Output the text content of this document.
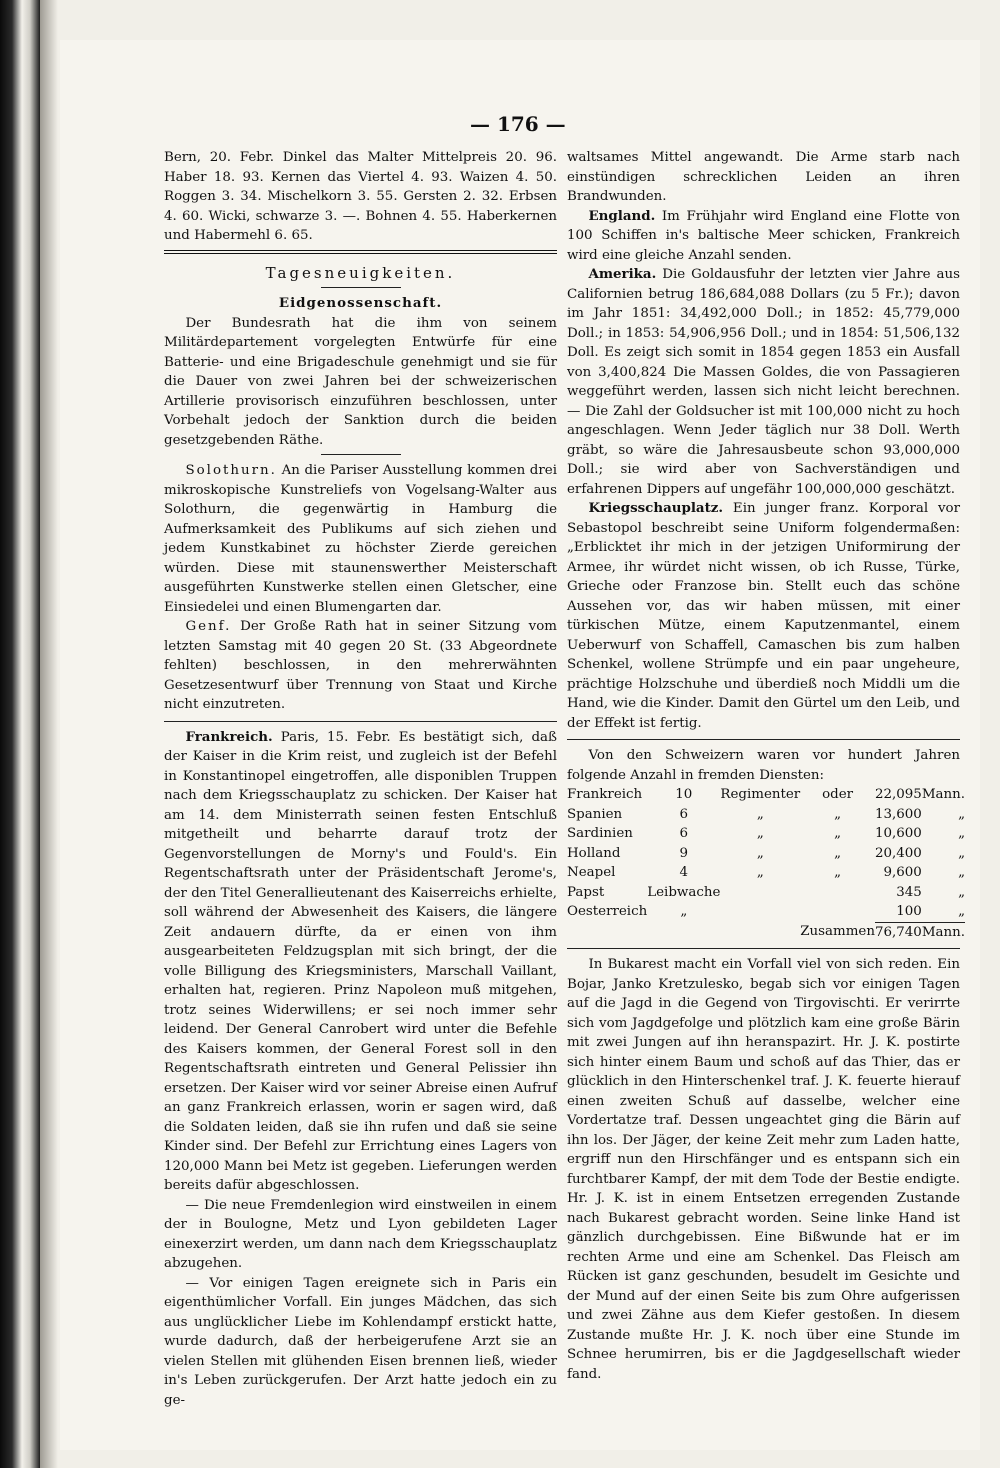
— 176 —

Bern, 20. Febr. Dinkel das Malter Mittelpreis 20. 96. Haber 18. 93. Kernen das Viertel 4. 93. Waizen 4. 50. Roggen 3. 34. Mischelkorn 3. 55. Gersten 2. 32. Erbsen 4. 60. Wicki, schwarze 3. —. Bohnen 4. 55. Haberkernen und Habermehl 6. 65.

Tagesneuigkeiten.

Eidgenossenschaft.

Der Bundesrath hat die ihm von seinem Militärdepartement vorgelegten Entwürfe für eine Batterie- und eine Brigadeschule genehmigt und sie für die Dauer von zwei Jahren bei der schweizerischen Artillerie provisorisch einzuführen beschlossen, unter Vorbehalt jedoch der Sanktion durch die beiden gesetzgebenden Räthe.

Solothurn. An die Pariser Ausstellung kommen drei mikroskopische Kunstreliefs von Vogelsang-Walter aus Solothurn, die gegenwärtig in Hamburg die Aufmerksamkeit des Publikums auf sich ziehen und jedem Kunstkabinet zu höchster Zierde gereichen würden. Diese mit staunenswerther Meisterschaft ausgeführten Kunstwerke stellen einen Gletscher, eine Einsiedelei und einen Blumengarten dar.

Genf. Der Große Rath hat in seiner Sitzung vom letzten Samstag mit 40 gegen 20 St. (33 Abgeordnete fehlten) beschlossen, in den mehrerwähnten Gesetzesentwurf über Trennung von Staat und Kirche nicht einzutreten.

Frankreich. Paris, 15. Febr. Es bestätigt sich, daß der Kaiser in die Krim reist, und zugleich ist der Befehl in Konstantinopel eingetroffen, alle disponiblen Truppen nach dem Kriegsschauplatz zu schicken. Der Kaiser hat am 14. dem Ministerrath seinen festen Entschluß mitgetheilt und beharrte darauf trotz der Gegenvorstellungen de Morny's und Fould's. Ein Regentschaftsrath unter der Präsidentschaft Jerome's, der den Titel Generallieutenant des Kaiserreichs erhielte, soll während der Abwesenheit des Kaisers, die längere Zeit andauern dürfte, da er einen von ihm ausgearbeiteten Feldzugsplan mit sich bringt, der die volle Billigung des Kriegsministers, Marschall Vaillant, erhalten hat, regieren. Prinz Napoleon muß mitgehen, trotz seines Widerwillens; er sei noch immer sehr leidend. Der General Canrobert wird unter die Befehle des Kaisers kommen, der General Forest soll in den Regentschaftsrath eintreten und General Pelissier ihn ersetzen. Der Kaiser wird vor seiner Abreise einen Aufruf an ganz Frankreich erlassen, worin er sagen wird, daß die Soldaten leiden, daß sie ihn rufen und daß sie seine Kinder sind. Der Befehl zur Errichtung eines Lagers von 120,000 Mann bei Metz ist gegeben. Lieferungen werden bereits dafür abgeschlossen.

— Die neue Fremdenlegion wird einstweilen in einem der in Boulogne, Metz und Lyon gebildeten Lager einexerzirt werden, um dann nach dem Kriegsschauplatz abzugehen.

— Vor einigen Tagen ereignete sich in Paris ein eigenthümlicher Vorfall. Ein junges Mädchen, das sich aus unglücklicher Liebe im Kohlendampf erstickt hatte, wurde dadurch, daß der herbeigerufene Arzt sie an vielen Stellen mit glühenden Eisen brennen ließ, wieder in's Leben zurückgerufen. Der Arzt hatte jedoch ein zu ge-

waltsames Mittel angewandt. Die Arme starb nach einstündigen schrecklichen Leiden an ihren Brandwunden.

England. Im Frühjahr wird England eine Flotte von 100 Schiffen in's baltische Meer schicken, Frankreich wird eine gleiche Anzahl senden.

Amerika. Die Goldausfuhr der letzten vier Jahre aus Californien betrug 186,684,088 Dollars (zu 5 Fr.); davon im Jahr 1851: 34,492,000 Doll.; in 1852: 45,779,000 Doll.; in 1853: 54,906,956 Doll.; und in 1854: 51,506,132 Doll. Es zeigt sich somit in 1854 gegen 1853 ein Ausfall von 3,400,824 Die Massen Goldes, die von Passagieren weggeführt werden, lassen sich nicht leicht berechnen. — Die Zahl der Goldsucher ist mit 100,000 nicht zu hoch angeschlagen. Wenn Jeder täglich nur 38 Doll. Werth gräbt, so wäre die Jahresausbeute schon 93,000,000 Doll.; sie wird aber von Sachverständigen und erfahrenen Dippers auf ungefähr 100,000,000 geschätzt.

Kriegsschauplatz. Ein junger franz. Korporal vor Sebastopol beschreibt seine Uniform folgendermaßen: „Erblicktet ihr mich in der jetzigen Uniformirung der Armee, ihr würdet nicht wissen, ob ich Russe, Türke, Grieche oder Franzose bin. Stellt euch das schöne Aussehen vor, das wir haben müssen, mit einer türkischen Mütze, einem Kaputzenmantel, einem Ueberwurf von Schaffell, Camaschen bis zum halben Schenkel, wollene Strümpfe und ein paar ungeheure, prächtige Holzschuhe und überdieß noch Middli um die Hand, wie die Kinder. Damit den Gürtel um den Leib, und der Effekt ist fertig.

Von den Schweizern waren vor hundert Jahren folgende Anzahl in fremden Diensten:

Frankreich	10	Regimenter	oder	22,095	Mann.
Spanien	6	„	„	13,600	„
Sardinien	6	„	„	10,600	„
Holland	9	„	„	20,400	„
Neapel	4	„	„	9,600	„
Papst	Leibwache			345	„
Oesterreich	„			100	„
			Zusammen	76,740	Mann.

In Bukarest macht ein Vorfall viel von sich reden. Ein Bojar, Janko Kretzulesko, begab sich vor einigen Tagen auf die Jagd in die Gegend von Tirgovischti. Er verirrte sich vom Jagdgefolge und plötzlich kam eine große Bärin mit zwei Jungen auf ihn heranspazirt. Hr. J. K. postirte sich hinter einem Baum und schoß auf das Thier, das er glücklich in den Hinterschenkel traf. J. K. feuerte hierauf einen zweiten Schuß auf dasselbe, welcher eine Vordertatze traf. Dessen ungeachtet ging die Bärin auf ihn los. Der Jäger, der keine Zeit mehr zum Laden hatte, ergriff nun den Hirschfänger und es entspann sich ein furchtbarer Kampf, der mit dem Tode der Bestie endigte. Hr. J. K. ist in einem Entsetzen erregenden Zustande nach Bukarest gebracht worden. Seine linke Hand ist gänzlich durchgebissen. Eine Bißwunde hat er im rechten Arme und eine am Schenkel. Das Fleisch am Rücken ist ganz geschunden, besudelt im Gesichte und der Mund auf der einen Seite bis zum Ohre aufgerissen und zwei Zähne aus dem Kiefer gestoßen. In diesem Zustande mußte Hr. J. K. noch über eine Stunde im Schnee herumirren, bis er die Jagdgesellschaft wieder fand.
